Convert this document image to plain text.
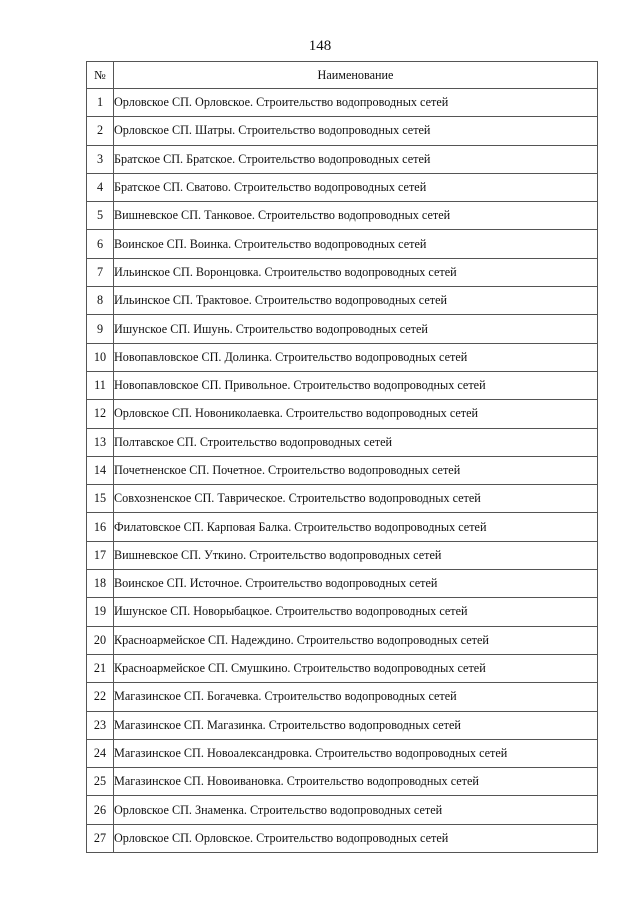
148
№	Наименование
1	Орловское СП. Орловское. Строительство водопроводных сетей
2	Орловское СП. Шатры. Строительство водопроводных сетей
3	Братское СП. Братское. Строительство водопроводных сетей
4	Братское СП. Сватово. Строительство водопроводных сетей
5	Вишневское СП. Танковое. Строительство водопроводных сетей
6	Воинское СП. Воинка. Строительство водопроводных сетей
7	Ильинское СП. Воронцовка. Строительство водопроводных сетей
8	Ильинское СП. Трактовое. Строительство водопроводных сетей
9	Ишунское СП. Ишунь. Строительство водопроводных сетей
10	Новопавловское СП. Долинка. Строительство водопроводных сетей
11	Новопавловское СП. Привольное. Строительство водопроводных сетей
12	Орловское СП. Новониколаевка. Строительство водопроводных сетей
13	Полтавское СП. Строительство водопроводных сетей
14	Почетненское СП. Почетное. Строительство водопроводных сетей
15	Совхозненское СП. Таврическое. Строительство водопроводных сетей
16	Филатовское СП. Карповая Балка. Строительство водопроводных сетей
17	Вишневское СП. Уткино. Строительство водопроводных сетей
18	Воинское СП. Источное. Строительство водопроводных сетей
19	Ишунское СП. Новорыбацкое. Строительство водопроводных сетей
20	Красноармейское СП. Надеждино. Строительство водопроводных сетей
21	Красноармейское СП. Смушкино. Строительство водопроводных сетей
22	Магазинское СП. Богачевка. Строительство водопроводных сетей
23	Магазинское СП. Магазинка. Строительство водопроводных сетей
24	Магазинское СП. Новоалександровка. Строительство водопроводных сетей
25	Магазинское СП. Новоивановка. Строительство водопроводных сетей
26	Орловское СП. Знаменка. Строительство водопроводных сетей
27	Орловское СП. Орловское. Строительство водопроводных сетей
